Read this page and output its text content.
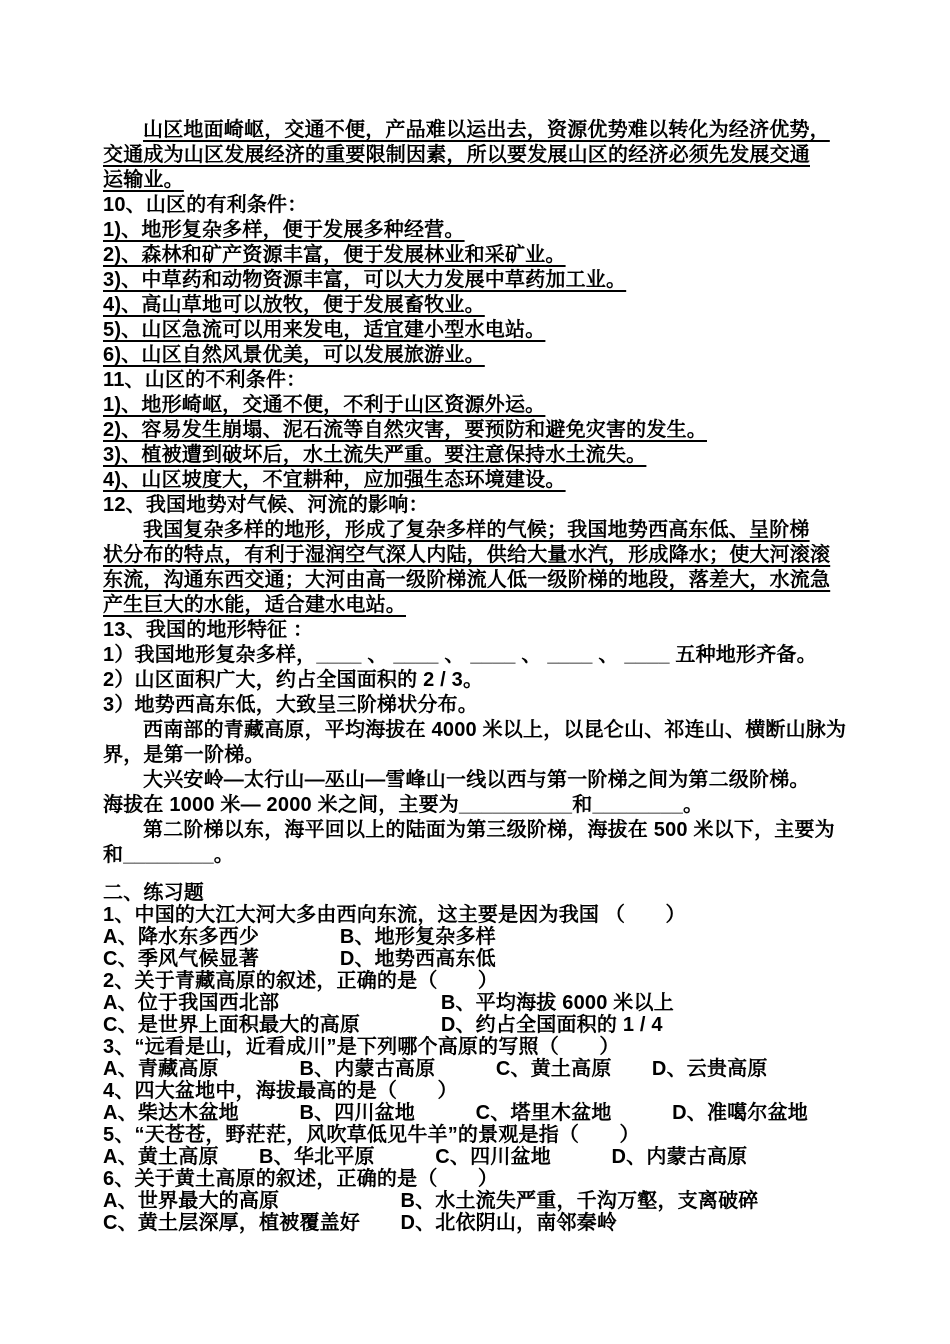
山区地面崎岖，交通不便，产品难以运出去，资源优势难以转化为经济优势，

交通成为山区发展经济的重要限制因素，所以要发展山区的经济必须先发展交通

运输业。

10、山区的有利条件：

1)、地形复杂多样，便于发展多种经营。

2)、森林和矿产资源丰富，便于发展林业和采矿业。

3)、中草药和动物资源丰富，可以大力发展中草药加工业。

4)、高山草地可以放牧，便于发展畜牧业。

5)、山区急流可以用来发电，适宜建小型水电站。

6)、山区自然风景优美，可以发展旅游业。

11、山区的不利条件：

1)、地形崎岖，交通不便，不利于山区资源外运。

2)、容易发生崩塌、泥石流等自然灾害，要预防和避免灾害的发生。

3)、植被遭到破坏后，水土流失严重。要注意保持水土流失。

4)、山区坡度大，不宜耕种，应加强生态环境建设。

12、我国地势对气候、河流的影响：

我国复杂多样的地形，形成了复杂多样的气候；我国地势西高东低、呈阶梯

状分布的特点，有利于湿润空气深人内陆，供给大量水汽，形成降水；使大河滚滚

东流，沟通东西交通；大河由高一级阶梯流人低一级阶梯的地段，落差大，水流急

产生巨大的水能，适合建水电站。

13、我国的地形特征 ：

1）我国地形复杂多样，____ 、 ____ 、 ____ 、 ____ 、 ____ 五种地形齐备。

2）山区面积广大，约占全国面积的 2 / 3。

3）地势西高东低，大致呈三阶梯状分布。

西南部的青藏高原，平均海拔在 4000 米以上，以昆仑山、祁连山、横断山脉为

界，是第一阶梯。

大兴安岭—太行山—巫山—雪峰山一线以西与第一阶梯之间为第二级阶梯。

海拔在 1000 米— 2000 米之间，主要为__________和________。

第二阶梯以东，海平回以上的陆面为第三级阶梯，海拔在 500 米以下，主要为

和________。

二、练习题

1、中国的大江大河大多由西向东流，这主要是因为我国 （　　）

A、降水东多西少　　　　B、地形复杂多样

C、季风气候显著　　　　D、地势西高东低

2、关于青藏高原的叙述，正确的是（　　）

A、位于我国西北部　　　　　　　　B、平均海拔 6000 米以上

C、是世界上面积最大的高原　　　　D、约占全国面积的 1 / 4

3、“远看是山，近看成川”是下列哪个高原的写照（　　）

A、青藏高原　　　　B、内蒙古高原　　　C、黄土高原　　D、云贵高原

4、四大盆地中，海拔最高的是（　　）

A、柴达木盆地　　　B、四川盆地　　　C、塔里木盆地　　　D、准噶尔盆地

5、“天苍苍，野茫茫，风吹草低见牛羊”的景观是指（　　）

A、黄土高原　　B、华北平原　　　C、四川盆地　　　D、内蒙古高原

6、关于黄土高原的叙述，正确的是（　　）

A、世界最大的高原　　　　　　B、水土流失严重，千沟万壑，支离破碎

C、黄土层深厚，植被覆盖好　　D、北依阴山，南邻秦岭
